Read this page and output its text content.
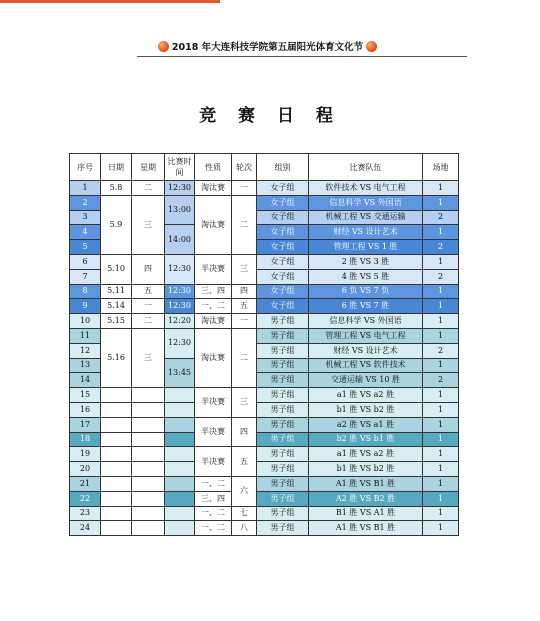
2018 年大连科技学院第五届阳光体育文化节
竞 赛 日 程
序号	日期	星期	比赛时间	性质	轮次	组别	比赛队伍	场地
1	5.8	二	12:30	淘汰赛	一	女子组	软件技术 VS 电气工程	1
2	5.9	三	13:00	淘汰赛	二	女子组	信息科学 VS 外国语	1
3						女子组	机械工程 VS 交通运输	2
4			14:00			女子组	财经 VS 设计艺术	1
5						女子组	管理工程 VS 1 胜	2
6	5.10	四	12:30	半决赛	三	女子组	2 胜 VS 3 胜	1
7						女子组	4 胜 VS 5 胜	2
8	5.11	五	12:30	三、四	四	女子组	6 负 VS 7 负	1
9	5.14	一	12:30	一、二	五	女子组	6 胜 VS 7 胜	1
10	5.15	二	12:20	淘汰赛	一	男子组	信息科学 VS 外国语	1
11	5.16	三	12:30	淘汰赛	二	男子组	管理工程 VS 电气工程	1
12						男子组	财经 VS 设计艺术	2
13			13:45			男子组	机械工程 VS 软件技术	1
14						男子组	交通运输 VS 10 胜	2
15				半决赛	三	男子组	a1 胜 VS a2 胜	1
16						男子组	b1 胜 VS b2 胜	1
17				半决赛	四	男子组	a2 胜 VS a1 胜	1
18						男子组	b2 胜 VS b1 胜	1
19				半决赛	五	男子组	a1 胜 VS a2 胜	1
20						男子组	b1 胜 VS b2 胜	1
21				一、二	六	男子组	A1 胜 VS B1 胜	1
22				三、四		男子组	A2 胜 VS B2 胜	1
23				一、二	七	男子组	B1 胜 VS A1 胜	1
24				一、二	八	男子组	A1 胜 VS B1 胜	1
